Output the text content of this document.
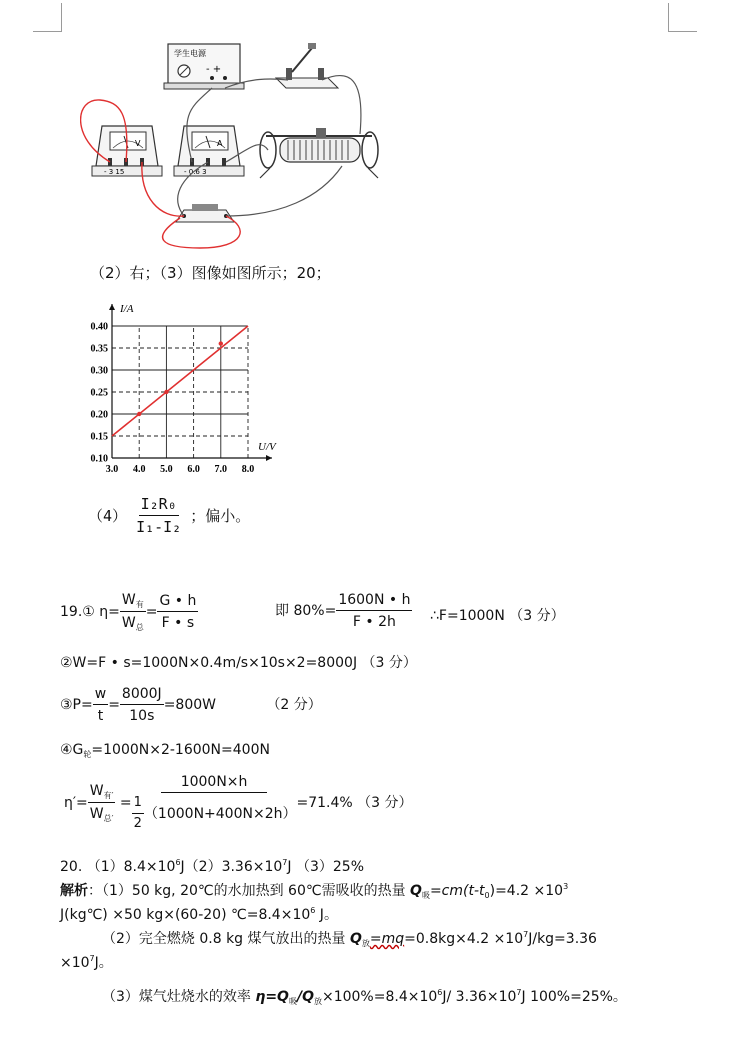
学生电源
- +
V
- 3 15
A
- 0.6 3
（2）右；（3）图像如图所示；20；
3.0 4.0 5.0 6.0 7.0 8.0
0.10
0.15
0.20
0.25
0.30
0.35
0.40
U/V
I/A
$(4) \frac{\text{I₂R₀}}{\text{I₁-I₂}}$ ；偏小。
19.① $\eta= \frac{W_有}{W_总} = \frac{G • h}{F • s}$	即 $80\%= \frac{1600N • h}{F • 2h}$ ∴F=1000N （3 分）
②W=F • s=1000N×0.4m/s×10s×2=8000J （3 分）
③P= $\frac{w}{t} = \frac{8000J}{10s} =800W$	（2 分）
$④G_轮=1000N\times 2-1600N=400N$
$\eta'= \frac{W_{有'}}{W_{总'}} = \frac{1000N\times h}{\frac{1}{2} (1000N+400N\times 2h)} =71.4\%$ （3 分）
20. $(1)8.4\times 10^6J(2)3.36\times 10^7J$ （3）25%
解析：（1）50 kg, 20℃的水加热到 60℃需吸收的热量 $Q_吸=cm(t-t_0)=4.2 \times 10^3$
J(kg℃) ×50 kg×(60-20) $℃=8.4\times 10^6$ J。
（2）完全燃烧 0.8 kg 煤气放出的热量 $Q_放=mq=0.8kg\times 4.2 \times 10^7J/kg=3.36$
$\times 10^7J$。
（3）煤气灶烧水的效率 $\eta=Q_吸/Q_放\times 100\%=8.4\times 10^6J/$ $3.36\times 10^7J$ 100%=25%。
